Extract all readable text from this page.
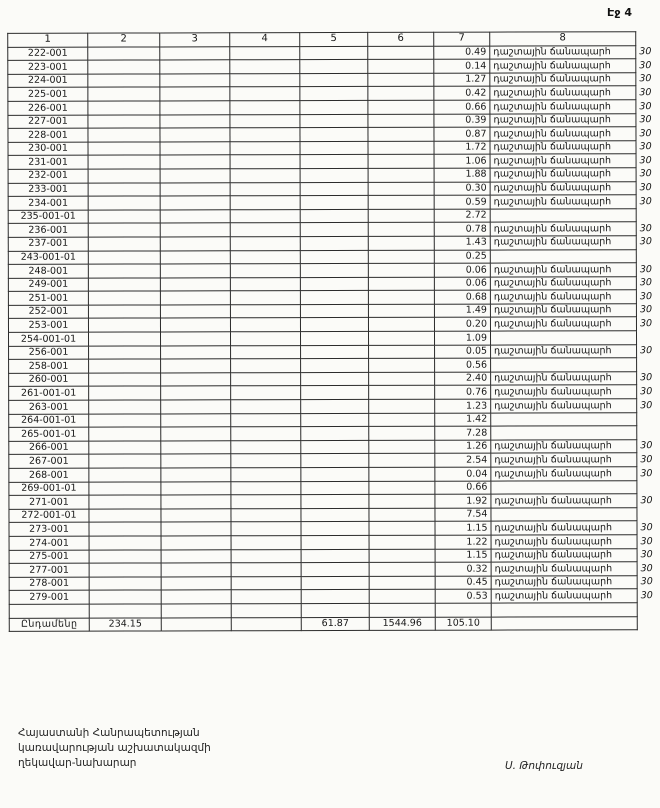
Էջ 4
1	2	3	4	5	6	7	8	
222-001						0.49	դաշտային ճանապարհ	30
223-001						0.14	դաշտային ճանապարհ	30
224-001						1.27	դաշտային ճանապարհ	30
225-001						0.42	դաշտային ճանապարհ	30
226-001						0.66	դաշտային ճանապարհ	30
227-001						0.39	դաշտային ճանապարհ	30
228-001						0.87	դաշտային ճանապարհ	30
230-001						1.72	դաշտային ճանապարհ	30
231-001						1.06	դաշտային ճանապարհ	30
232-001						1.88	դաշտային ճանապարհ	30
233-001						0.30	դաշտային ճանապարհ	30
234-001						0.59	դաշտային ճանապարհ	30
235-001-01						2.72		
236-001						0.78	դաշտային ճանապարհ	30
237-001						1.43	դաշտային ճանապարհ	30
243-001-01						0.25		
248-001						0.06	դաշտային ճանապարհ	30
249-001						0.06	դաշտային ճանապարհ	30
251-001						0.68	դաշտային ճանապարհ	30
252-001						1.49	դաշտային ճանապարհ	30
253-001						0.20	դաշտային ճանապարհ	30
254-001-01						1.09		
256-001						0.05	դաշտային ճանապարհ	30
258-001						0.56		
260-001						2.40	դաշտային ճանապարհ	30
261-001-01						0.76	դաշտային ճանապարհ	30
263-001						1.23	դաշտային ճանապարհ	30
264-001-01						1.42		
265-001-01						7.28		
266-001						1.26	դաշտային ճանապարհ	30
267-001						2.54	դաշտային ճանապարհ	30
268-001						0.04	դաշտային ճանապարհ	30
269-001-01						0.66		
271-001						1.92	դաշտային ճանապարհ	30
272-001-01						7.54		
273-001						1.15	դաշտային ճանապարհ	30
274-001						1.22	դաշտային ճանապարհ	30
275-001						1.15	դաշտային ճանապարհ	30
277-001						0.32	դաշտային ճանապարհ	30
278-001						0.45	դաշտային ճանապարհ	30
279-001						0.53	դաշտային ճանապարհ	30

Ընդամենը	234.15			61.87	1544.96	105.10		
Հայաստանի Հանրապետության
կառավարության աշխատակազմի
ղեկավար-նախարար	Ս. Թոփուզյան
